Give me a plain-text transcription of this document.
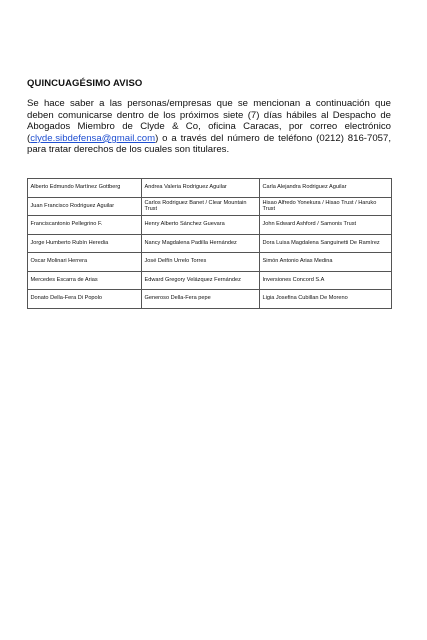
QUINCUAGÉSIMO AVISO
Se hace saber a las personas/empresas que se mencionan a continuación que deben comunicarse dentro de los próximos siete (7) días hábiles al Despacho de Abogados Miembro de Clyde & Co, oficina Caracas, por correo electrónico (clyde.sibdefensa@gmail.com) o a través del número de teléfono (0212) 816-7057, para tratar derechos de los cuales son titulares.
Alberto Edmundo Martínez Gottberg	Andrea Valeria Rodriguez Aguilar	Carla Alejandra Rodriguez Aguilar
Juan Francisco Rodriguez Aguilar	Carlos Rodriguez Banet / Clear Mountain Trust	Hisao Alfredo Yonekura / Hisao Trust / Haruko Trust
Franciscantonio Pellegrino F.	Henry Alberto Sánchez Guevara	John Edward Ashford / Samonis Trust
Jorge Humberto Rubín Heredia	Nancy Magdalena Padilla Hernández	Dora Luisa Magdalena Sanguinetti De Ramírez
Oscar Molinari Herrera	José Delfín Urrelo Torres	Simón Antonio Arias Medina
Mercedes Escarra de Arias	Edward Gregory Velázquez Fernández	Inversiones Concord S.A
Donato Della-Fera Di Popolo	Generoso Della-Fera pepe	Ligia Josefina Cubillan De Moreno
